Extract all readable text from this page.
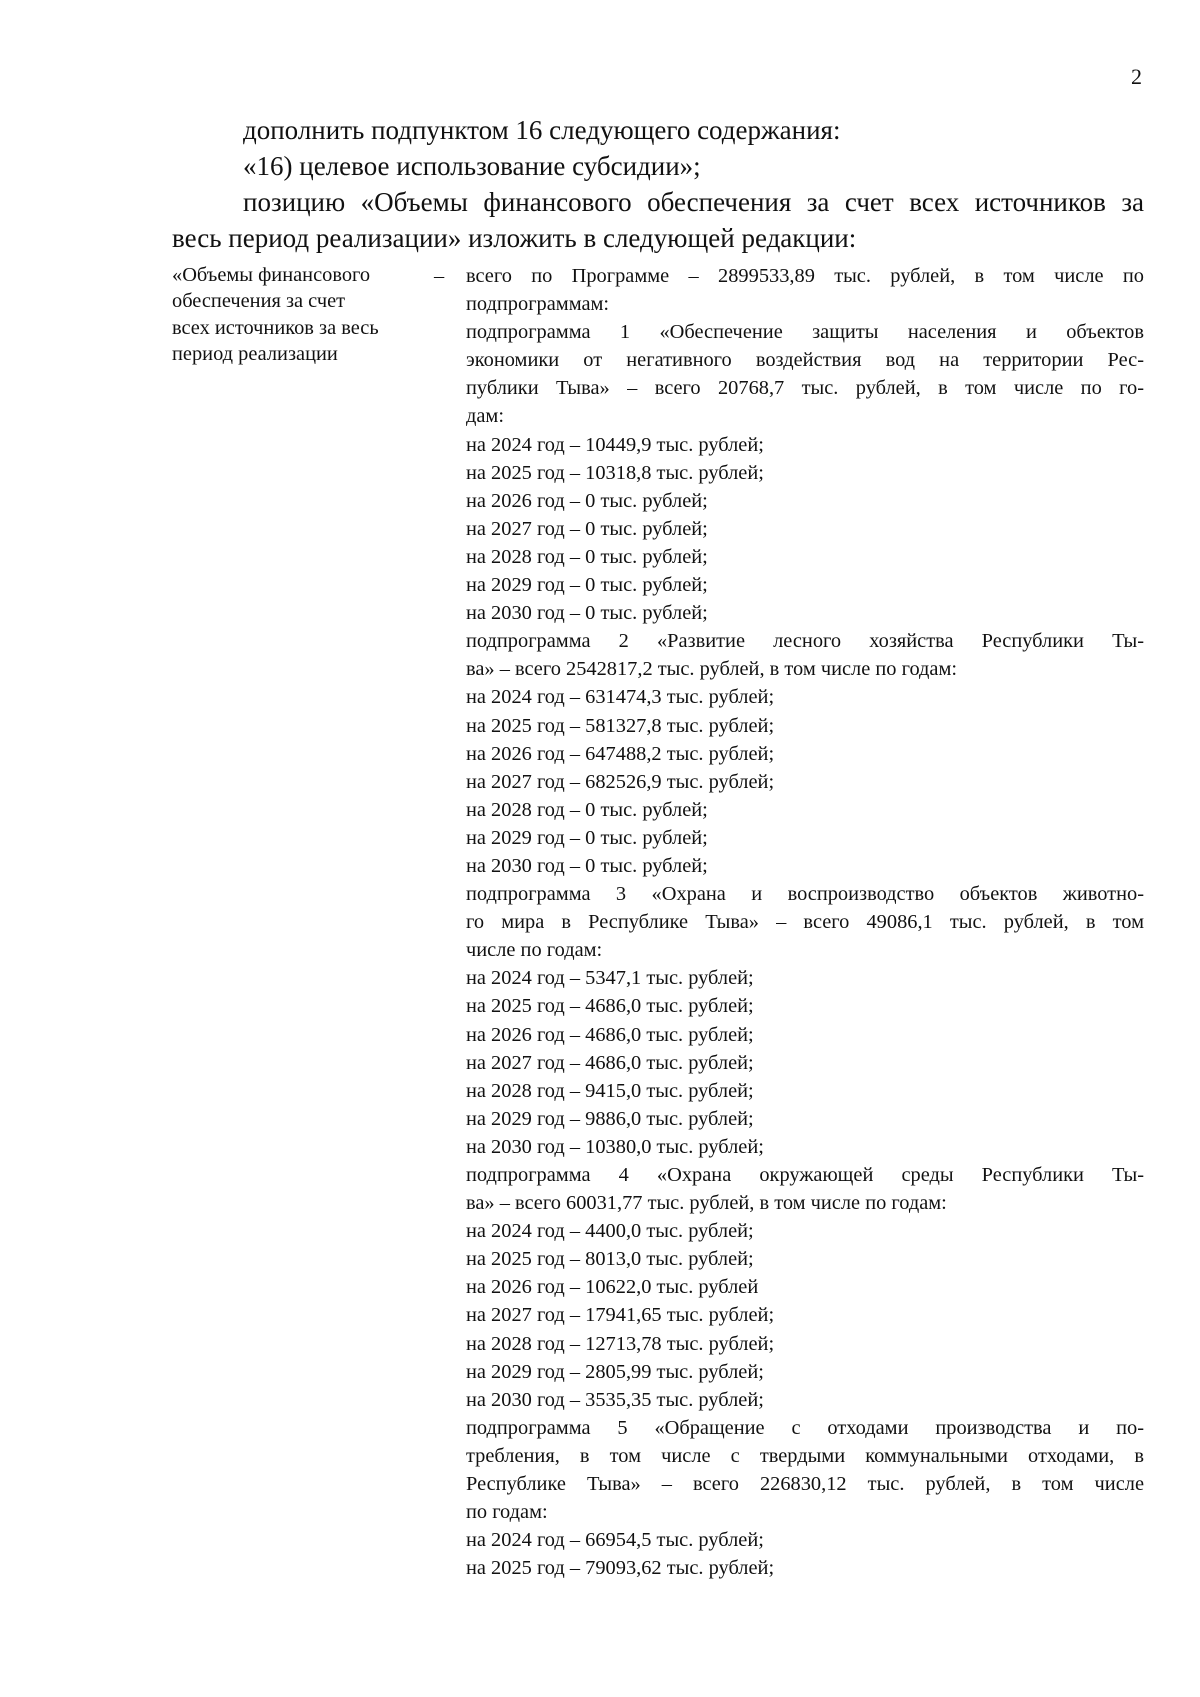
2

дополнить подпунктом 16 следующего содержания:

«16) целевое использование субсидии»;

позицию «Объемы финансового обеспечения за счет всех источников за

весь период реализации» изложить в следующей редакции:

«Объемы финансового
обеспечения за счет
всех источников за весь
период реализации
– всего по Программе – 2899533,89 тыс. рублей, в том числе по
подпрограммам:
подпрограмма 1 «Обеспечение защиты населения и объектов
экономики от негативного воздействия вод на территории Рес-
публики Тыва» – всего 20768,7 тыс. рублей, в том числе по го-
дам:
на 2024 год – 10449,9 тыс. рублей;
на 2025 год – 10318,8 тыс. рублей;
на 2026 год – 0 тыс. рублей;
на 2027 год – 0 тыс. рублей;
на 2028 год – 0 тыс. рублей;
на 2029 год – 0 тыс. рублей;
на 2030 год – 0 тыс. рублей;
подпрограмма 2 «Развитие лесного хозяйства Республики Ты-
ва» – всего 2542817,2 тыс. рублей, в том числе по годам:
на 2024 год – 631474,3 тыс. рублей;
на 2025 год – 581327,8 тыс. рублей;
на 2026 год – 647488,2 тыс. рублей;
на 2027 год – 682526,9 тыс. рублей;
на 2028 год – 0 тыс. рублей;
на 2029 год – 0 тыс. рублей;
на 2030 год – 0 тыс. рублей;
подпрограмма 3 «Охрана и воспроизводство объектов животно-
го мира в Республике Тыва» – всего 49086,1 тыс. рублей, в том
числе по годам:
на 2024 год – 5347,1 тыс. рублей;
на 2025 год – 4686,0 тыс. рублей;
на 2026 год – 4686,0 тыс. рублей;
на 2027 год – 4686,0 тыс. рублей;
на 2028 год – 9415,0 тыс. рублей;
на 2029 год – 9886,0 тыс. рублей;
на 2030 год – 10380,0 тыс. рублей;
подпрограмма 4 «Охрана окружающей среды Республики Ты-
ва» – всего 60031,77 тыс. рублей, в том числе по годам:
на 2024 год – 4400,0 тыс. рублей;
на 2025 год – 8013,0 тыс. рублей;
на 2026 год – 10622,0 тыс. рублей
на 2027 год – 17941,65 тыс. рублей;
на 2028 год – 12713,78 тыс. рублей;
на 2029 год – 2805,99 тыс. рублей;
на 2030 год – 3535,35 тыс. рублей;
подпрограмма 5 «Обращение с отходами производства и по-
требления, в том числе с твердыми коммунальными отходами, в
Республике Тыва» – всего 226830,12 тыс. рублей, в том числе
по годам:
на 2024 год – 66954,5 тыс. рублей;
на 2025 год – 79093,62 тыс. рублей;
